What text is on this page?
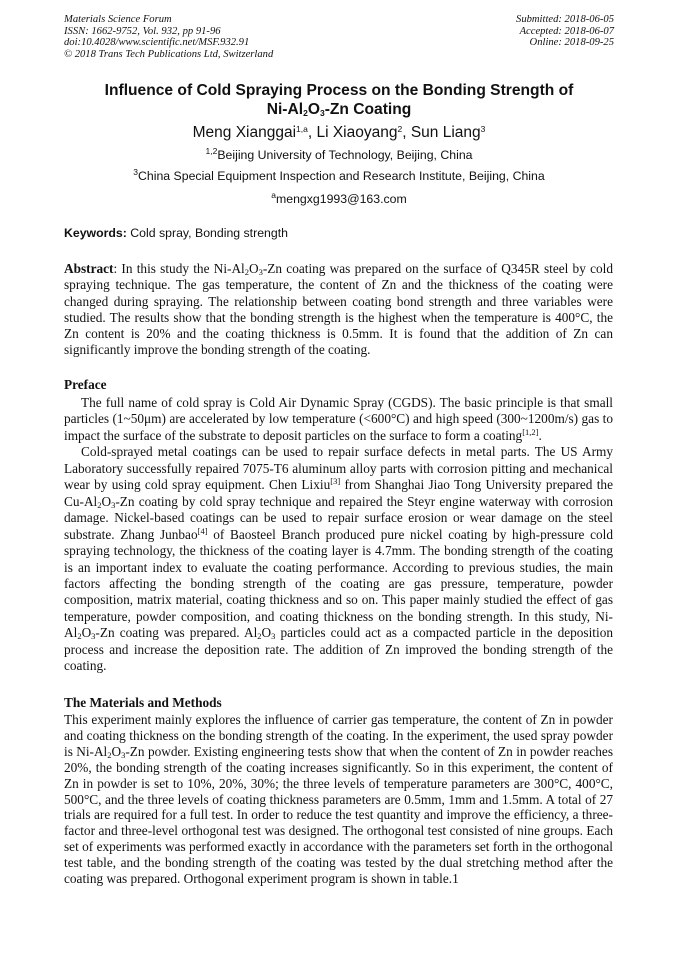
Materials Science Forum
ISSN: 1662-9752, Vol. 932, pp 91-96
doi:10.4028/www.scientific.net/MSF.932.91
© 2018 Trans Tech Publications Ltd, Switzerland
Submitted: 2018-06-05
Accepted: 2018-06-07
Online: 2018-09-25
Influence of Cold Spraying Process on the Bonding Strength of
$Ni-Al_2O_3-Zn$ Coating
Meng Xianggai$^{1,a}$, Li Xiaoyang$^2$, Sun Liang$^3$
$^{1,2}$Beijing University of Technology, Beijing, China
$^3$China Special Equipment Inspection and Research Institute, Beijing, China
$^a$mengxg1993@163.com
Keywords: Cold spray, Bonding strength

Abstract: In this study the $Ni-Al_2O_3-Zn$ coating was prepared on the surface of Q345R steel by cold spraying technique. The gas temperature, the content of Zn and the thickness of the coating were changed during spraying. The relationship between coating bond strength and three variables were studied. The results show that the bonding strength is the highest when the temperature is 400°C, the Zn content is 20% and the coating thickness is 0.5mm. It is found that the addition of Zn can significantly improve the bonding strength of the coating.

Preface

The full name of cold spray is Cold Air Dynamic Spray (CGDS). The basic principle is that small particles (1~50μm) are accelerated by low temperature (<600°C) and high speed (300~1200m/s) gas to impact the surface of the substrate to deposit particles on the surface to form a coating[1,2].

Cold-sprayed metal coatings can be used to repair surface defects in metal parts. The US Army Laboratory successfully repaired 7075-T6 aluminum alloy parts with corrosion pitting and mechanical wear by using cold spray equipment. Chen Lixiu[3] from Shanghai Jiao Tong University prepared the $Cu-Al_2O_3-Zn$ coating by cold spray technique and repaired the Steyr engine waterway with corrosion damage. Nickel-based coatings can be used to repair surface erosion or wear damage on the steel substrate. Zhang Junbao[4] of Baosteel Branch produced pure nickel coating by high-pressure cold spraying technology, the thickness of the coating layer is 4.7mm. The bonding strength of the coating is an important index to evaluate the coating performance. According to previous studies, the main factors affecting the bonding strength of the coating are gas pressure, temperature, powder composition, matrix material, coating thickness and so on. This paper mainly studied the effect of gas temperature, powder composition, and coating thickness on the bonding strength. In this study, $Ni-Al_2O_3-Zn$ coating was prepared. $Al_2O_3$ particles could act as a compacted particle in the deposition process and increase the deposition rate. The addition of Zn improved the bonding strength of the coating.

The Materials and Methods

This experiment mainly explores the influence of carrier gas temperature, the content of Zn in powder and coating thickness on the bonding strength of the coating. In the experiment, the used spray powder is $Ni-Al_2O_3-Zn$ powder. Existing engineering tests show that when the content of Zn in powder reaches 20%, the bonding strength of the coating increases significantly. So in this experiment, the content of Zn in powder is set to 10%, 20%, 30%; the three levels of temperature parameters are 300°C, 400°C, 500°C, and the three levels of coating thickness parameters are 0.5mm, 1mm and 1.5mm. A total of 27 trials are required for a full test. In order to reduce the test quantity and improve the efficiency, a three-factor and three-level orthogonal test was designed. The orthogonal test consisted of nine groups. Each set of experiments was performed exactly in accordance with the parameters set forth in the orthogonal test table, and the bonding strength of the coating was tested by the dual stretching method after the coating was prepared. Orthogonal experiment program is shown in table.1
